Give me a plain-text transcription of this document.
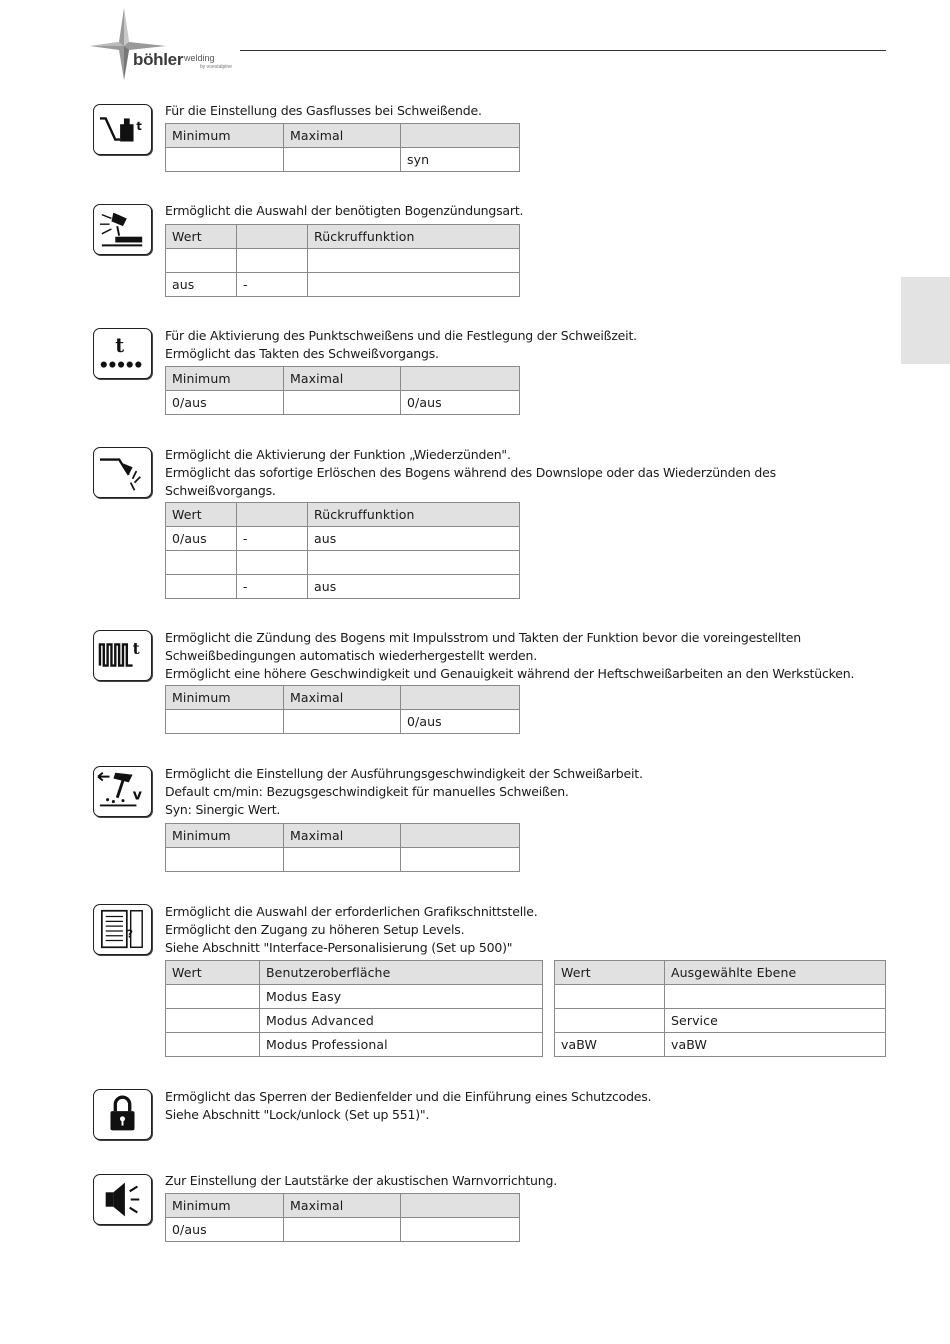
böhler welding
by voestalpine
t
Für die Einstellung des Gasflusses bei Schweißende.
Minimum	Maximal	
		syn
Ermöglicht die Auswahl der benötigten Bogenzündungsart.
Wert		Rückruffunktion

aus	-	
t	Für die Aktivierung des Punktschweißens und die Festlegung der Schweißzeit.
Ermöglicht das Takten des Schweißvorgangs.
Minimum	Maximal	
0/aus		0/aus
Ermöglicht die Aktivierung der Funktion „Wiederzünden".
Ermöglicht das sofortige Erlöschen des Bogens während des Downslope oder das Wiederzünden des
Schweißvorgangs.
Wert		Rückruffunktion
0/aus	-	aus

	-	aus
t
Ermöglicht die Zündung des Bogens mit Impulsstrom und Takten der Funktion bevor die voreingestellten
Schweißbedingungen automatisch wiederhergestellt werden.
Ermöglicht eine höhere Geschwindigkeit und Genauigkeit während der Heftschweißarbeiten an den Werkstücken.
Minimum	Maximal	
		0/aus
v
Ermöglicht die Einstellung der Ausführungsgeschwindigkeit der Schweißarbeit.
Default cm/min: Bezugsgeschwindigkeit für manuelles Schweißen.
Syn: Sinergic Wert.
Minimum	Maximal	

?
Ermöglicht die Auswahl der erforderlichen Grafikschnittstelle.
Ermöglicht den Zugang zu höheren Setup Levels.
Siehe Abschnitt "Interface-Personalisierung (Set up 500)"
Wert	Benutzeroberfläche
	Modus Easy
	Modus Advanced
	Modus Professional
Wert	Ausgewählte Ebene

	Service
vaBW	vaBW
Ermöglicht das Sperren der Bedienfelder und die Einführung eines Schutzcodes.
Siehe Abschnitt "Lock/unlock (Set up 551)".
Zur Einstellung der Lautstärke der akustischen Warnvorrichtung.
Minimum	Maximal	
0/aus		
